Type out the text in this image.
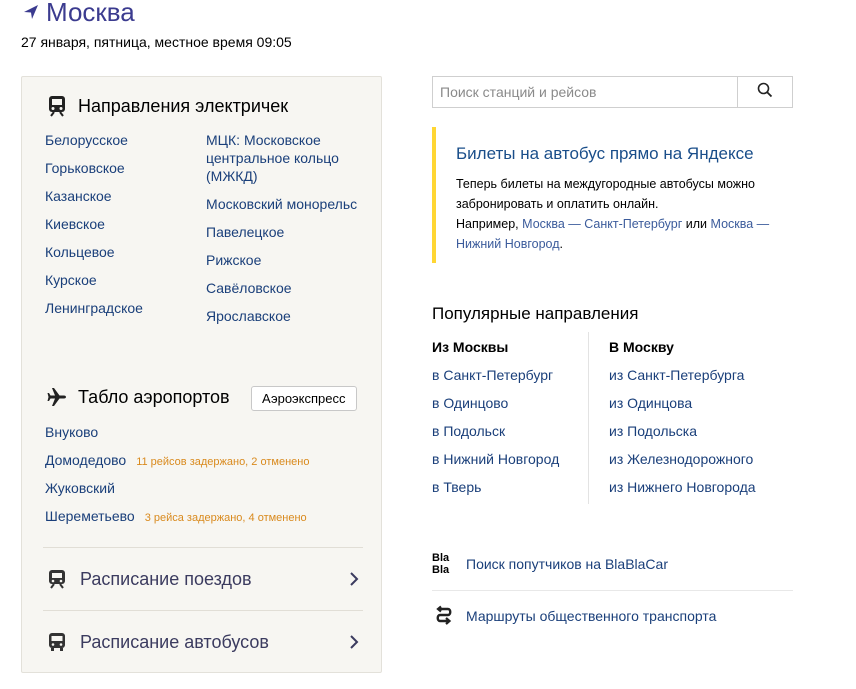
Москва
27 января, пятница, местное время 09:05
Направления электричек
Белорусское
Горьковское
Казанское
Киевское
Кольцевое
Курское
Ленинградское
МЦК: Московское центральное кольцо (МЖКД)
Московский монорельс
Павелецкое
Рижское
Савёловское
Ярославское
Табло аэропортов	Аэроэкспресс
Внуково
Домодедово 11 рейсов задержано, 2 отменено
Жуковский
Шереметьево 3 рейса задержано, 4 отменено
Расписание поездов
Расписание автобусов
Поиск станций и рейсов
Билеты на автобус прямо на Яндексе
Теперь билеты на междугородные автобусы можно забронировать и оплатить онлайн.
Например, Москва — Санкт-Петербург или Москва — Нижний Новгород.
Популярные направления
Из Москвы
в Санкт-Петербург
в Одинцово
в Подольск
в Нижний Новгород
в Тверь
В Москву
из Санкт-Петербурга
из Одинцова
из Подольска
из Железнодорожного
из Нижнего Новгорода
Bla Bla	Поиск попутчиков на BlaBlaCar
Маршруты общественного транспорта
